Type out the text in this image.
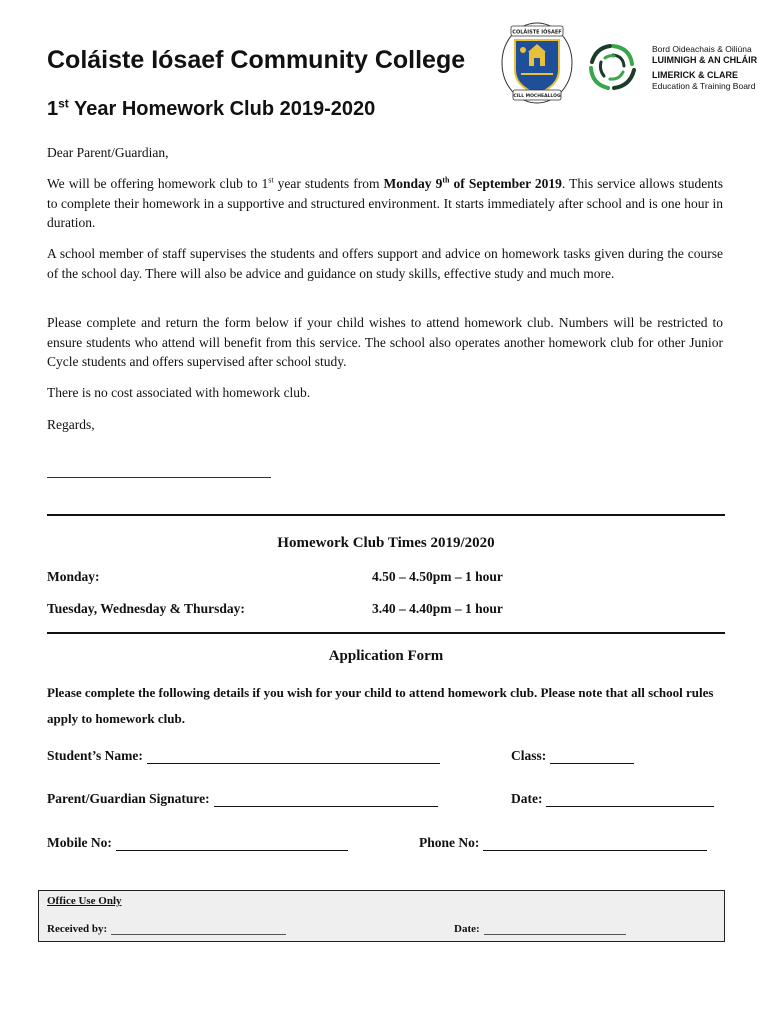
Coláiste Iósaef Community College
1st Year Homework Club 2019-2020
COLÁISTE IÓSAEF
CILL MOCHEALLÓG
Bord Oideachais & Oiliúna
LUIMNIGH & AN CHLÁIR
LIMERICK & CLARE
Education & Training Board
Dear Parent/Guardian,
We will be offering homework club to 1st year students from Monday 9th of September 2019. This service allows students to complete their homework in a supportive and structured environment. It starts immediately after school and is one hour in duration.
A school member of staff supervises the students and offers support and advice on homework tasks given during the course of the school day. There will also be advice and guidance on study skills, effective study and much more.
Please complete and return the form below if your child wishes to attend homework club. Numbers will be restricted to ensure students who attend will benefit from this service. The school also operates another homework club for other Junior Cycle students and offers supervised after school study.
There is no cost associated with homework club.
Regards,
Homework Club Times 2019/2020
Monday:	4.50 – 4.50pm – 1 hour
Tuesday, Wednesday & Thursday:	3.40 – 4.40pm – 1 hour
Application Form
Please complete the following details if you wish for your child to attend homework club. Please note that all school rules apply to homework club.
Student’s Name:	Class:
Parent/Guardian Signature:	Date:
Mobile No:	Phone No:
Office Use Only
Received by:	Date:
